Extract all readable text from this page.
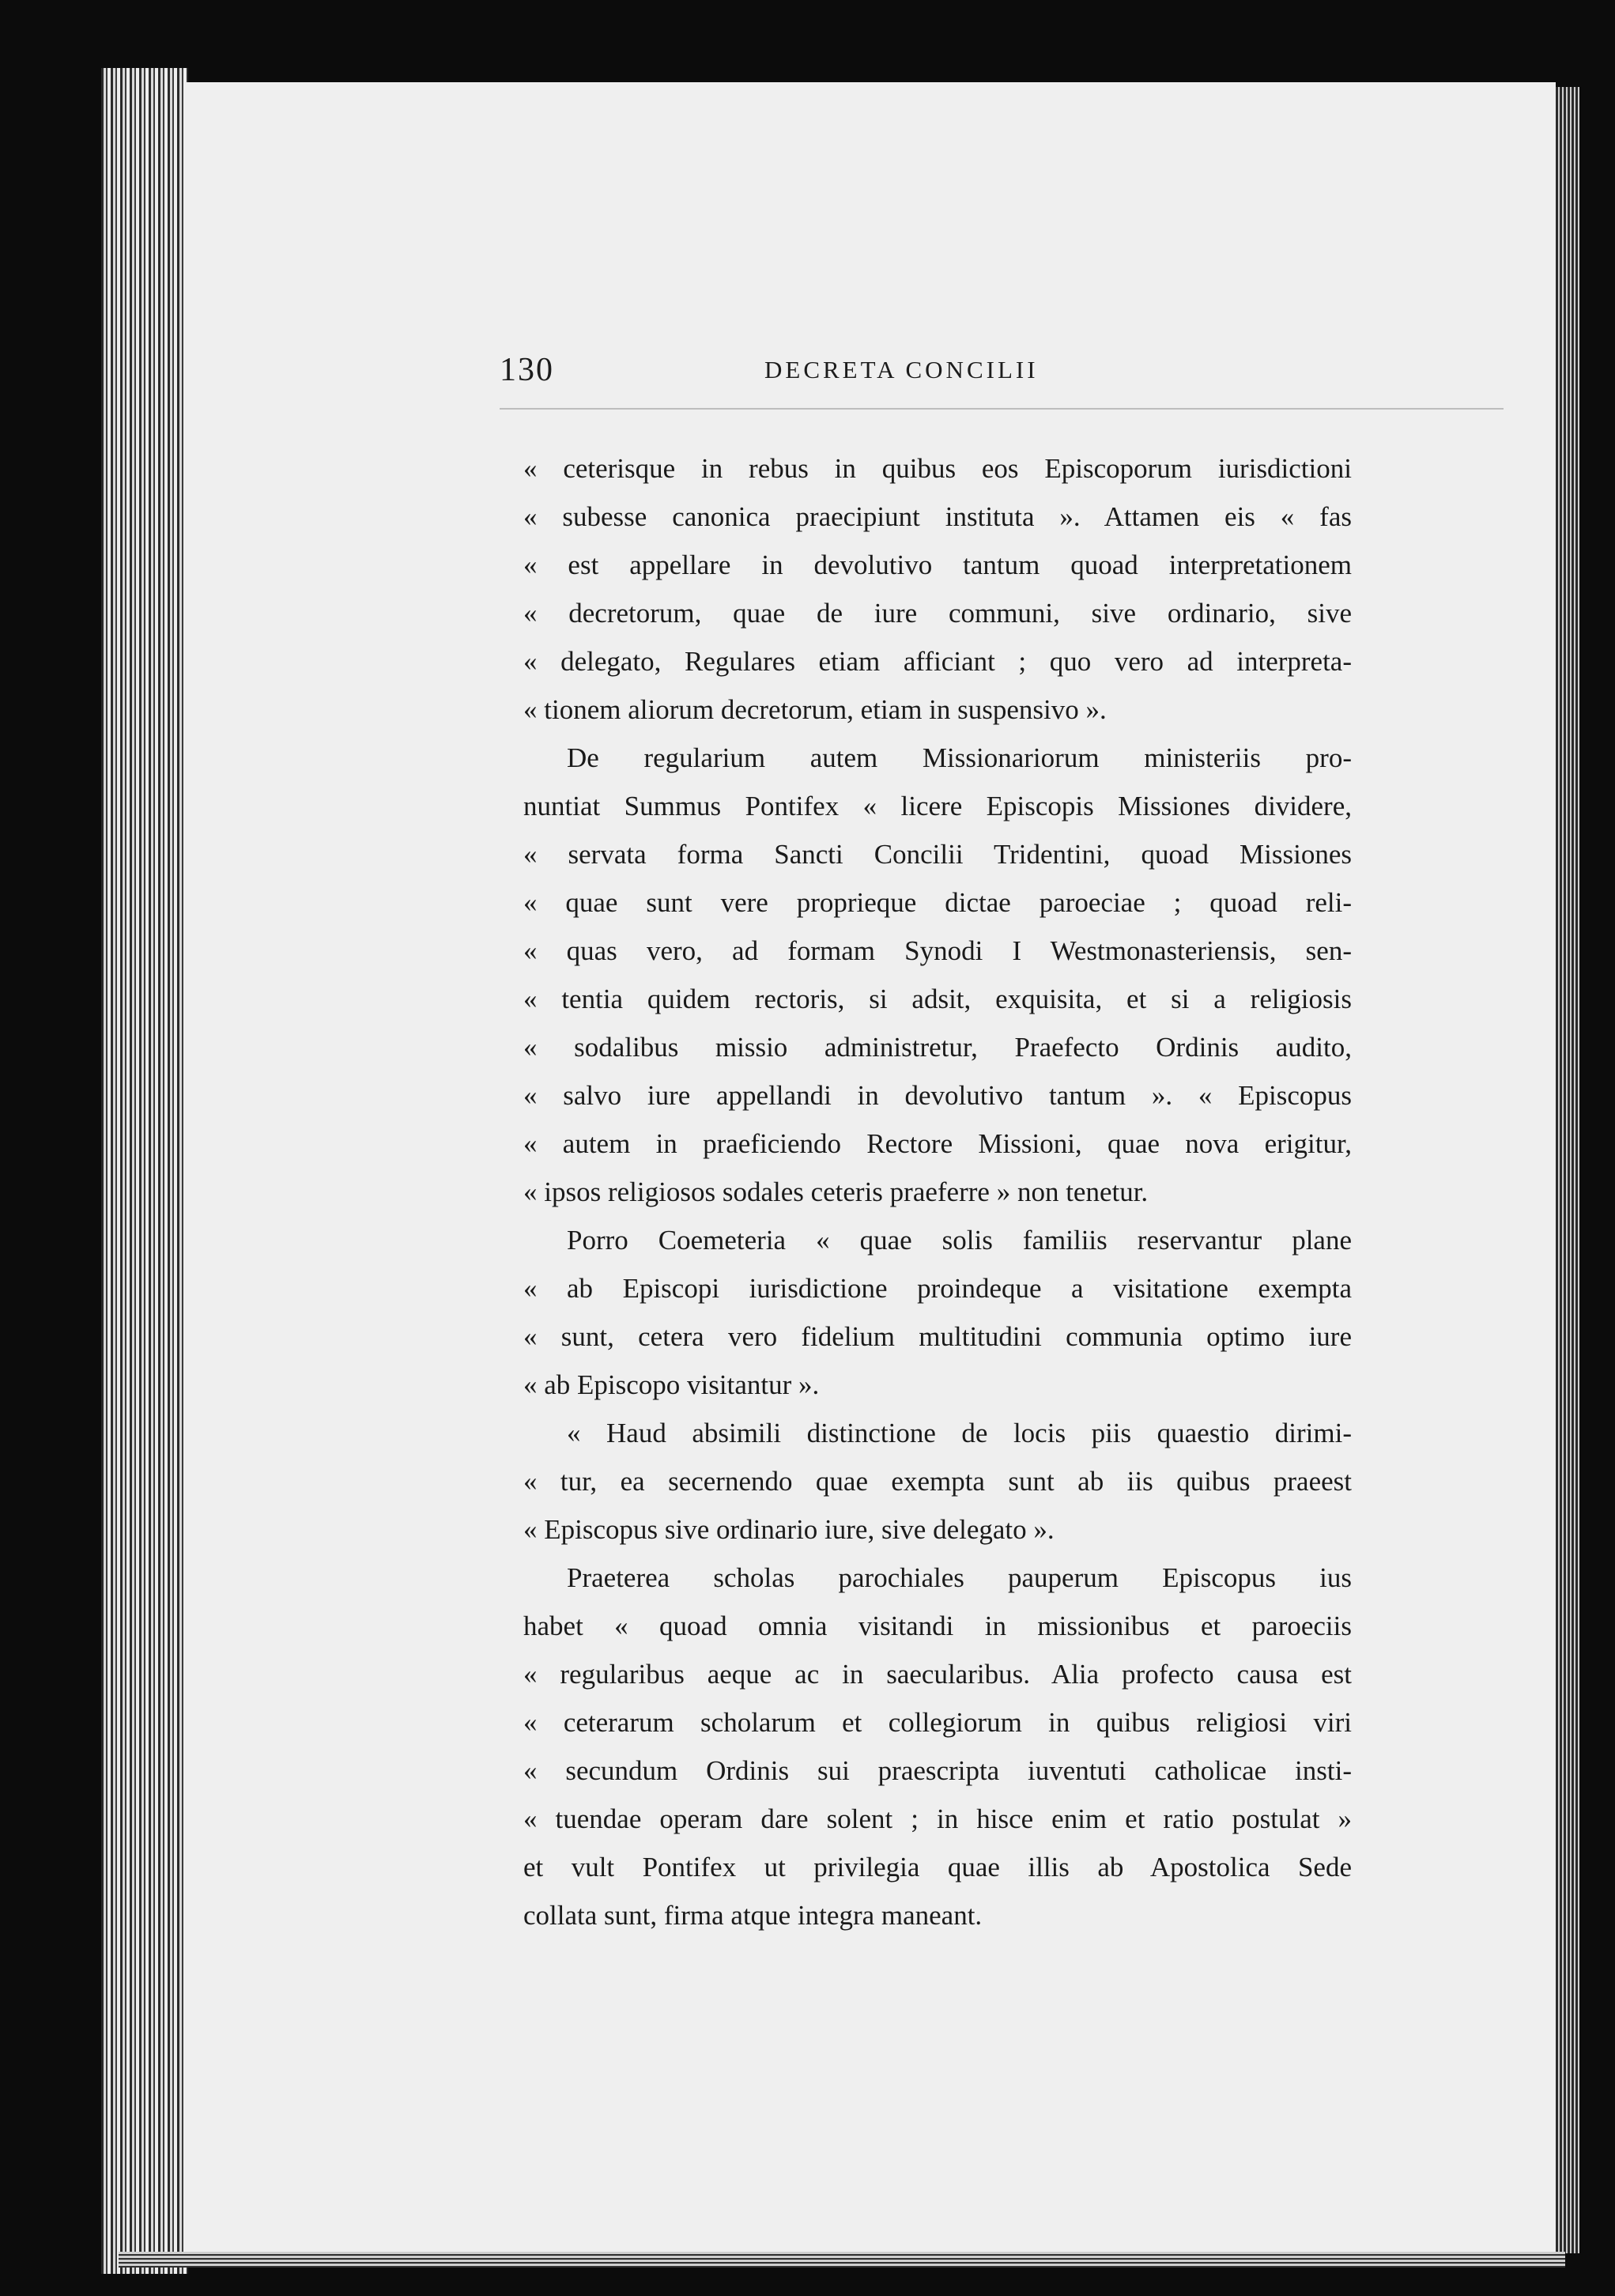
130	DECRETA CONCILII
« ceterisque in rebus in quibus eos Episcoporum iurisdictioni
« subesse canonica praecipiunt instituta ». Attamen eis « fas
« est appellare in devolutivo tantum quoad interpretationem
« decretorum, quae de iure communi, sive ordinario, sive
« delegato, Regulares etiam afficiant ; quo vero ad interpreta-
« tionem aliorum decretorum, etiam in suspensivo ».
De regularium autem Missionariorum ministeriis pro-
nuntiat Summus Pontifex « licere Episcopis Missiones dividere,
« servata forma Sancti Concilii Tridentini, quoad Missiones
« quae sunt vere proprieque dictae paroeciae ; quoad reli-
« quas vero, ad formam Synodi I Westmonasteriensis, sen-
« tentia quidem rectoris, si adsit, exquisita, et si a religiosis
« sodalibus missio administretur, Praefecto Ordinis audito,
« salvo iure appellandi in devolutivo tantum ». « Episcopus
« autem in praeficiendo Rectore Missioni, quae nova erigitur,
« ipsos religiosos sodales ceteris praeferre » non tenetur.
Porro Coemeteria « quae solis familiis reservantur plane
« ab Episcopi iurisdictione proindeque a visitatione exempta
« sunt, cetera vero fidelium multitudini communia optimo iure
« ab Episcopo visitantur ».
« Haud absimili distinctione de locis piis quaestio dirimi-
« tur, ea secernendo quae exempta sunt ab iis quibus praeest
« Episcopus sive ordinario iure, sive delegato ».
Praeterea scholas parochiales pauperum Episcopus ius
habet « quoad omnia visitandi in missionibus et paroeciis
« regularibus aeque ac in saecularibus. Alia profecto causa est
« ceterarum scholarum et collegiorum in quibus religiosi viri
« secundum Ordinis sui praescripta iuventuti catholicae insti-
« tuendae operam dare solent ; in hisce enim et ratio postulat »
et vult Pontifex ut privilegia quae illis ab Apostolica Sede
collata sunt, firma atque integra maneant.
